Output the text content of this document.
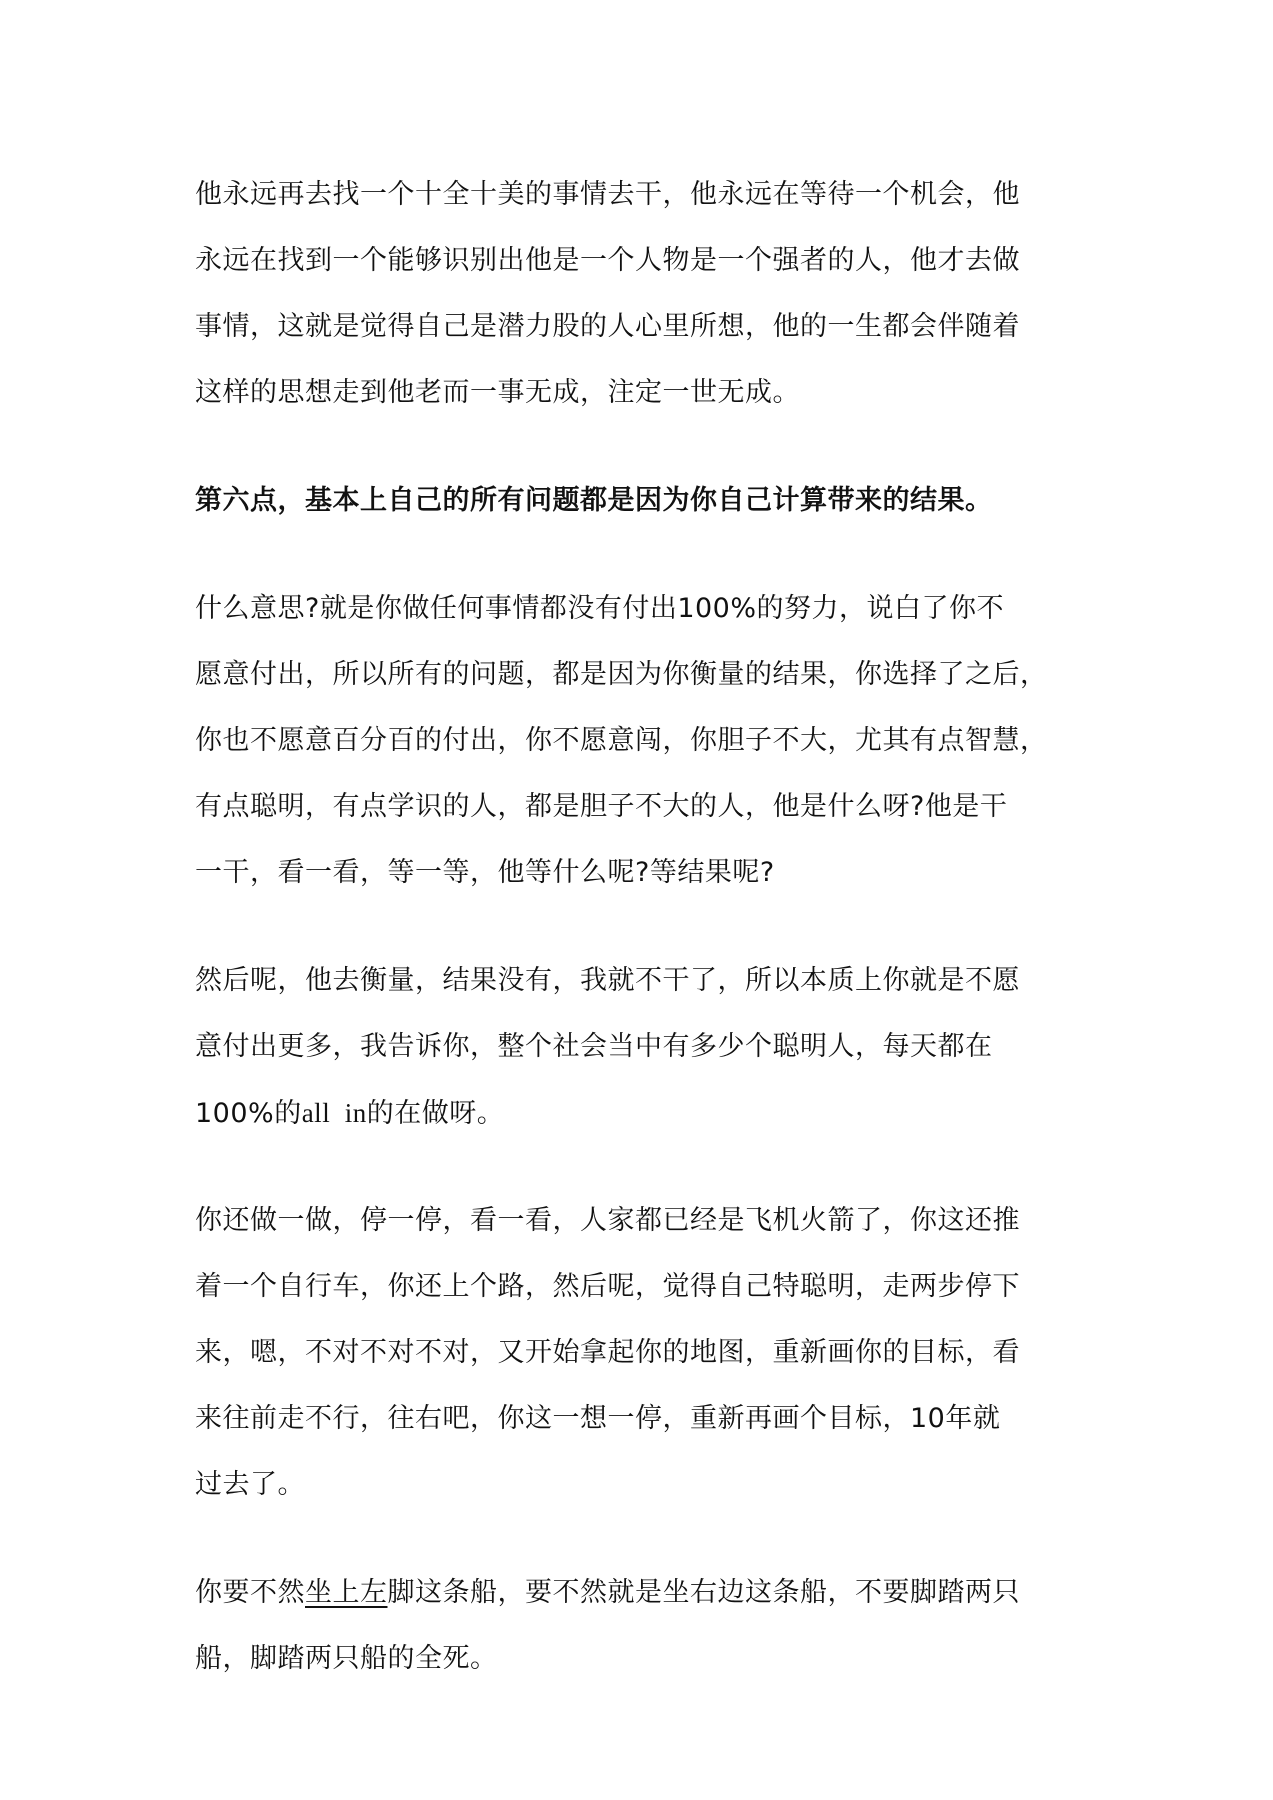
他永远再去找一个十全十美的事情去干，他永远在等待一个机会，他
永远在找到一个能够识别出他是一个人物是一个强者的人，他才去做
事情，这就是觉得自己是潜力股的人心里所想，他的一生都会伴随着
这样的思想走到他老而一事无成，注定一世无成。

第六点，基本上自己的所有问题都是因为你自己计算带来的结果。

什么意思?就是你做任何事情都没有付出100%的努力，说白了你不
愿意付出，所以所有的问题，都是因为你衡量的结果，你选择了之后，
你也不愿意百分百的付出，你不愿意闯，你胆子不大，尤其有点智慧，
有点聪明，有点学识的人，都是胆子不大的人，他是什么呀?他是干
一干，看一看，等一等，他等什么呢?等结果呢?

然后呢，他去衡量，结果没有，我就不干了，所以本质上你就是不愿
意付出更多，我告诉你，整个社会当中有多少个聪明人，每天都在
100%的all  in的在做呀。

你还做一做，停一停，看一看，人家都已经是飞机火箭了，你这还推
着一个自行车，你还上个路，然后呢，觉得自己特聪明，走两步停下
来，嗯，不对不对不对，又开始拿起你的地图，重新画你的目标，看
来往前走不行，往右吧，你这一想一停，重新再画个目标，10年就
过去了。

你要不然坐上左脚这条船，要不然就是坐右边这条船，不要脚踏两只
船，脚踏两只船的全死。
